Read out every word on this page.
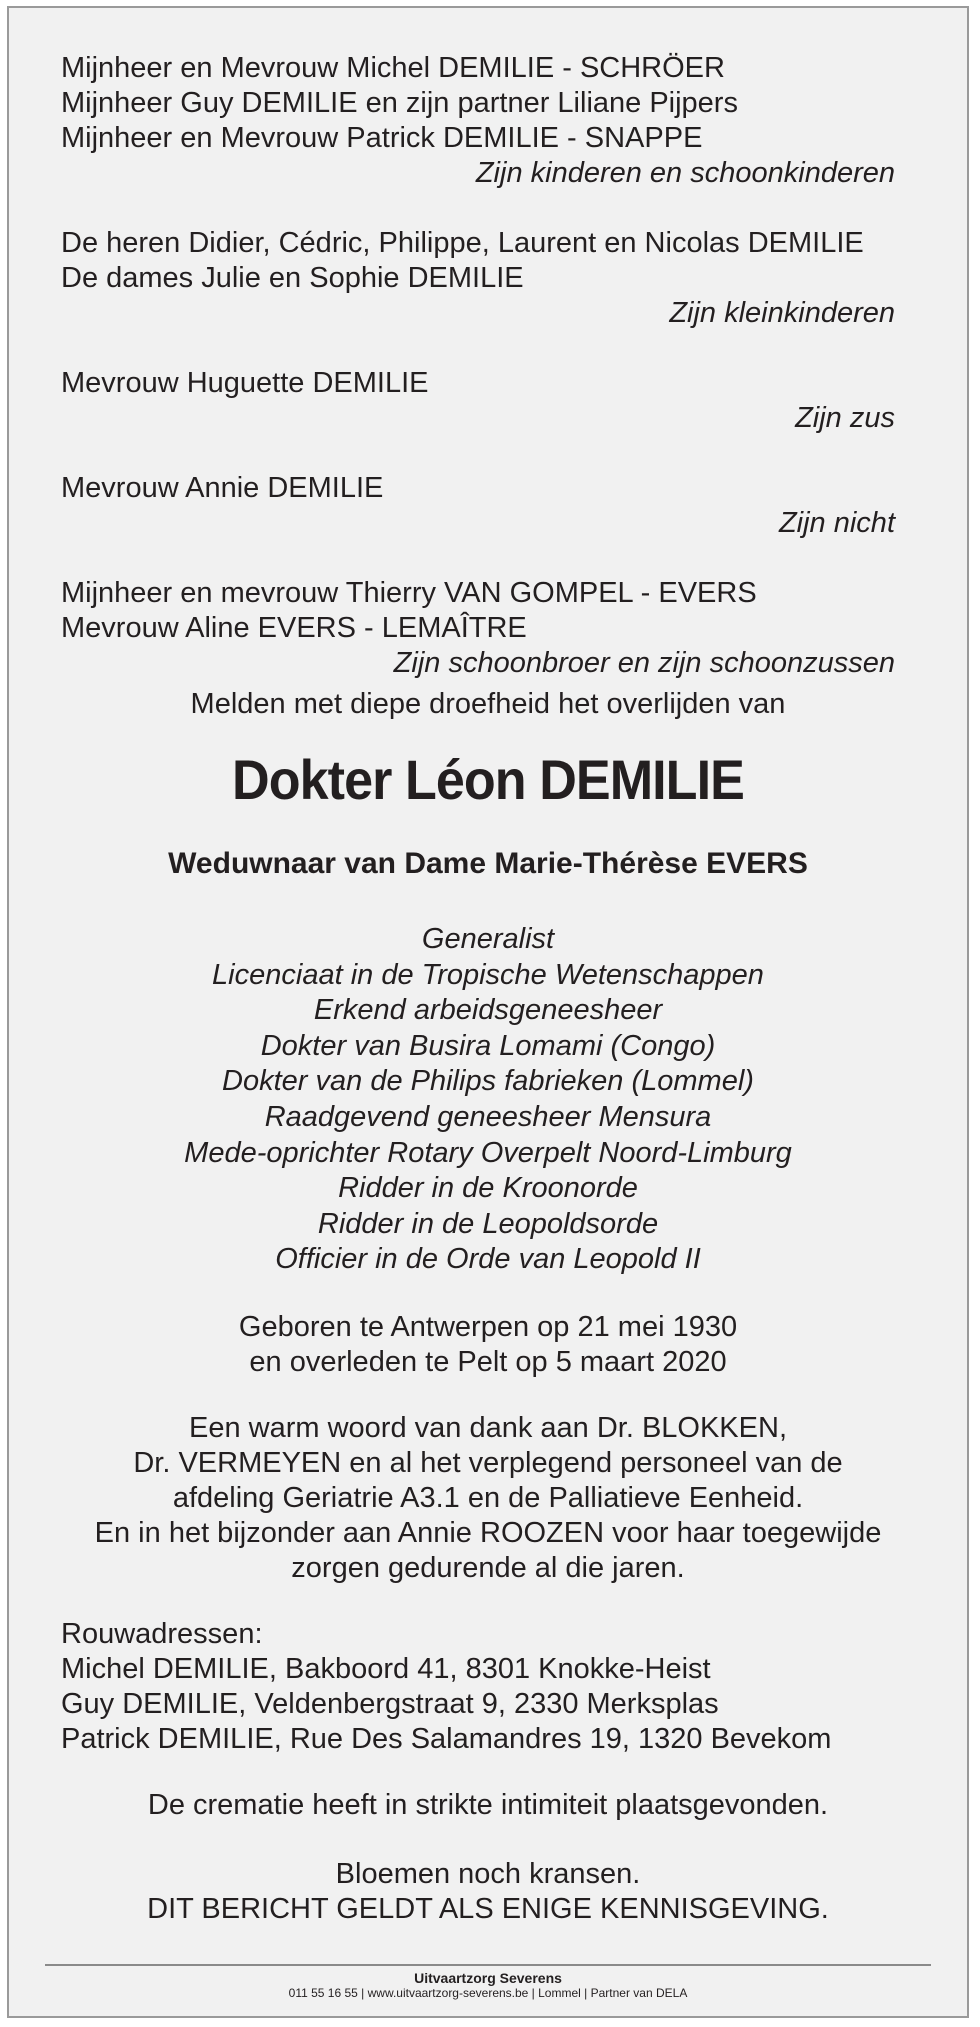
Mijnheer en Mevrouw Michel DEMILIE - SCHRÖER
Mijnheer Guy DEMILIE en zijn partner Liliane Pijpers
Mijnheer en Mevrouw Patrick DEMILIE - SNAPPE
Zijn kinderen en schoonkinderen
De heren Didier, Cédric, Philippe, Laurent en Nicolas DEMILIE
De dames Julie en Sophie DEMILIE
Zijn kleinkinderen
Mevrouw Huguette DEMILIE
Zijn zus
Mevrouw Annie DEMILIE
Zijn nicht
Mijnheer en mevrouw Thierry VAN GOMPEL - EVERS
Mevrouw Aline EVERS - LEMAÎTRE
Zijn schoonbroer en zijn schoonzussen
Melden met diepe droefheid het overlijden van
Dokter Léon DEMILIE
Weduwnaar van Dame Marie-Thérèse EVERS
Generalist
Licenciaat in de Tropische Wetenschappen
Erkend arbeidsgeneesheer
Dokter van Busira Lomami (Congo)
Dokter van de Philips fabrieken (Lommel)
Raadgevend geneesheer Mensura
Mede-oprichter Rotary Overpelt Noord-Limburg
Ridder in de Kroonorde
Ridder in de Leopoldsorde
Officier in de Orde van Leopold II
Geboren te Antwerpen op 21 mei 1930
en overleden te Pelt op 5 maart 2020
Een warm woord van dank aan Dr. BLOKKEN,
Dr. VERMEYEN en al het verplegend personeel van de
afdeling Geriatrie A3.1 en de Palliatieve Eenheid.
En in het bijzonder aan Annie ROOZEN voor haar toegewijde
zorgen gedurende al die jaren.
Rouwadressen:
Michel DEMILIE, Bakboord 41, 8301 Knokke-Heist
Guy DEMILIE, Veldenbergstraat 9, 2330 Merksplas
Patrick DEMILIE, Rue Des Salamandres 19, 1320 Bevekom
De crematie heeft in strikte intimiteit plaatsgevonden.
Bloemen noch kransen.
DIT BERICHT GELDT ALS ENIGE KENNISGEVING.
Uitvaartzorg Severens
011 55 16 55 | www.uitvaartzorg-severens.be | Lommel | Partner van DELA
